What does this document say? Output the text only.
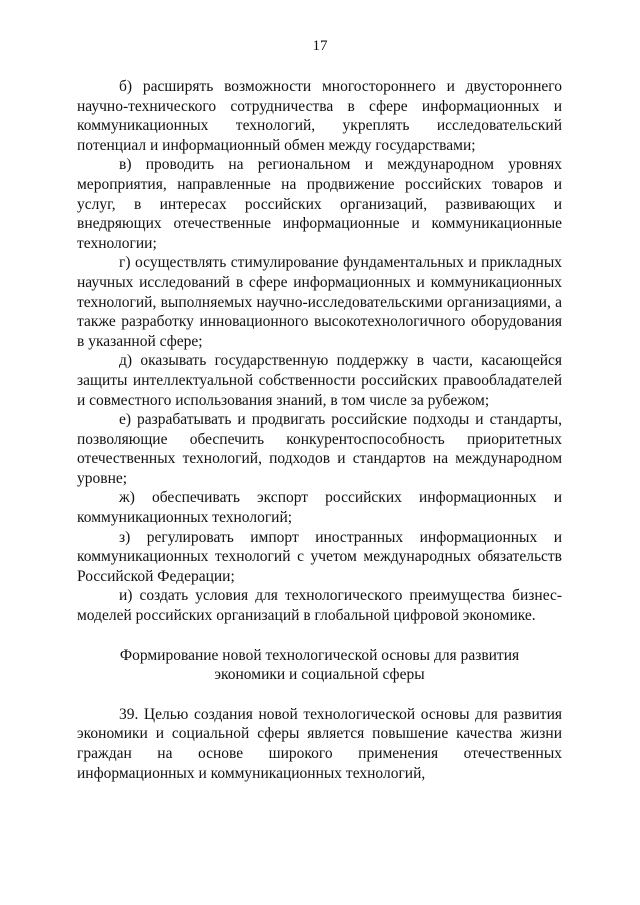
17

б) расширять возможности многостороннего и двустороннего научно-технического сотрудничества в сфере информационных и коммуникационных технологий, укреплять исследовательский потенциал и информационный обмен между государствами;

в) проводить на региональном и международном уровнях мероприятия, направленные на продвижение российских товаров и услуг, в интересах российских организаций, развивающих и внедряющих отечественные информационные и коммуникационные технологии;

г) осуществлять стимулирование фундаментальных и прикладных научных исследований в сфере информационных и коммуникационных технологий, выполняемых научно-исследовательскими организациями, а также разработку инновационного высокотехнологичного оборудования в указанной сфере;

д) оказывать государственную поддержку в части, касающейся защиты интеллектуальной собственности российских правообладателей и совместного использования знаний, в том числе за рубежом;

е) разрабатывать и продвигать российские подходы и стандарты, позволяющие обеспечить конкурентоспособность приоритетных отечественных технологий, подходов и стандартов на международном уровне;

ж) обеспечивать экспорт российских информационных и коммуникационных технологий;

з) регулировать импорт иностранных информационных и коммуникационных технологий с учетом международных обязательств Российской Федерации;

и) создать условия для технологического преимущества бизнес-моделей российских организаций в глобальной цифровой экономике.

Формирование новой технологической основы для развития

экономики и социальной сферы

39. Целью создания новой технологической основы для развития экономики и социальной сферы является повышение качества жизни граждан на основе широкого применения отечественных информационных и коммуникационных технологий,
